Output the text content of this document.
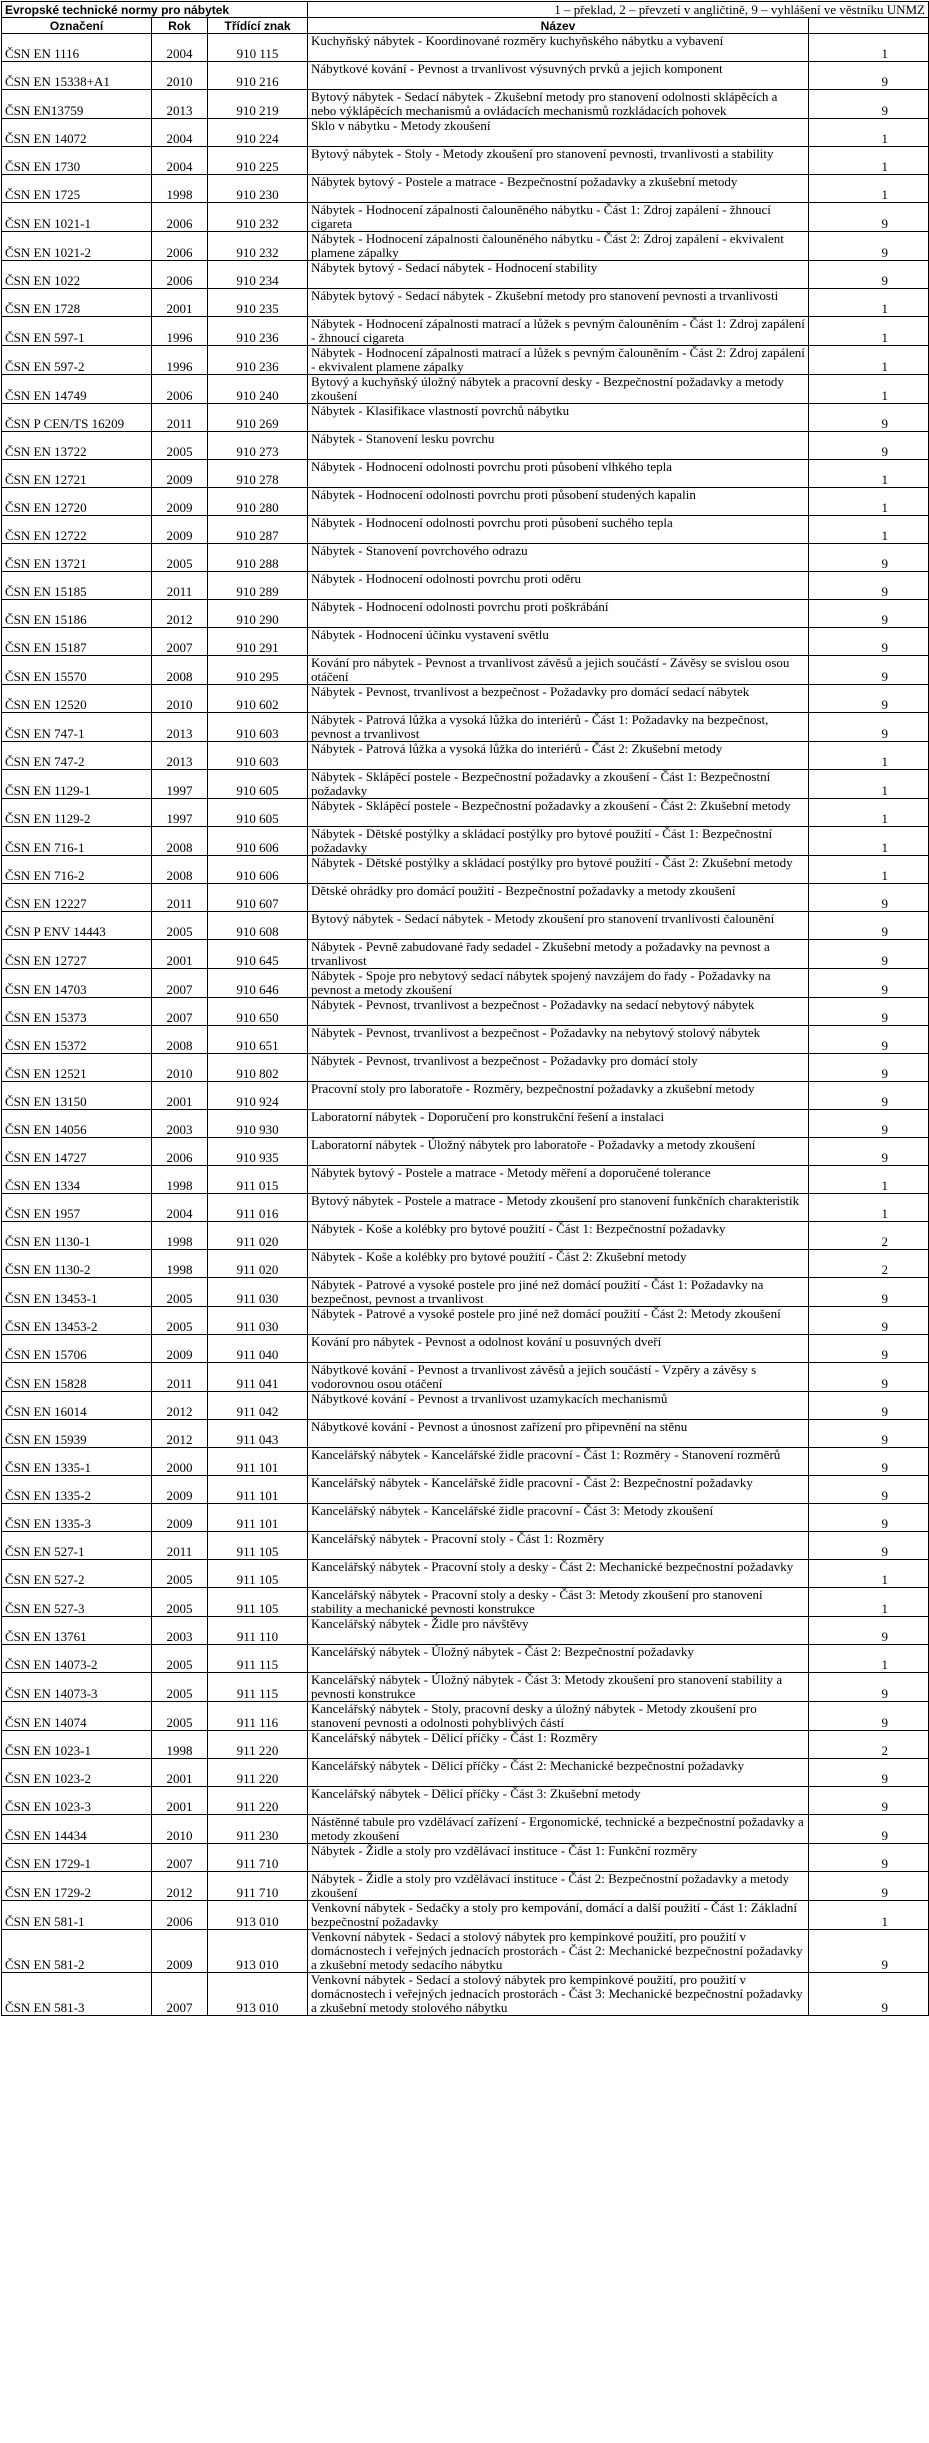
Evropské technické normy pro nábytek			1 – překlad, 2 – převzetí v angličtině, 9 – vyhlášení ve věstníku UNMZ	
Označení	Rok	Třídící znak	Název	
ČSN EN 1116	2004	910 115	Kuchyňský nábytek - Koordinované rozměry kuchyňského nábytku a vybavení	1
ČSN EN 15338+A1	2010	910 216	Nábytkové kování - Pevnost a trvanlivost výsuvných prvků a jejich komponent	9
ČSN EN13759	2013	910 219	Bytový nábytek - Sedací nábytek - Zkušební metody pro stanovení odolnosti sklápěcích a nebo výklápěcích mechanismů a ovládacích mechanismů rozkládacích pohovek	9
ČSN EN 14072	2004	910 224	Sklo v nábytku - Metody zkoušení	1
ČSN EN 1730	2004	910 225	Bytový nábytek - Stoly - Metody zkoušení pro stanovení pevnosti, trvanlivosti a stability	1
ČSN EN 1725	1998	910 230	Nábytek bytový - Postele a matrace - Bezpečnostní požadavky a zkušební metody	1
ČSN EN 1021-1	2006	910 232	Nábytek - Hodnocení zápalnosti čalouněného nábytku - Část 1: Zdroj zapálení - žhnoucí cigareta	9
ČSN EN 1021-2	2006	910 232	Nábytek - Hodnocení zápalnosti čalouněného nábytku - Část 2: Zdroj zapálení - ekvivalent plamene zápalky	9
ČSN EN 1022	2006	910 234	Nábytek bytový - Sedací nábytek - Hodnocení stability	9
ČSN EN 1728	2001	910 235	Nábytek bytový - Sedací nábytek - Zkušební metody pro stanovení pevnosti a trvanlivosti	1
ČSN EN 597-1	1996	910 236	Nábytek - Hodnocení zápalnosti matrací a lůžek s pevným čalouněním - Část 1: Zdroj zapálení - žhnoucí cigareta	1
ČSN EN 597-2	1996	910 236	Nábytek - Hodnocení zápalnosti matrací a lůžek s pevným čalouněním - Část 2: Zdroj zapálení - ekvivalent plamene zápalky	1
ČSN EN 14749	2006	910 240	Bytový a kuchyňský úložný nábytek a pracovní desky - Bezpečnostní požadavky a metody zkoušení	1
ČSN P CEN/TS 16209	2011	910 269	Nábytek - Klasifikace vlastností povrchů nábytku	9
ČSN EN 13722	2005	910 273	Nábytek - Stanovení lesku povrchu	9
ČSN EN 12721	2009	910 278	Nábytek - Hodnocení odolnosti povrchu proti působení vlhkého tepla	1
ČSN EN 12720	2009	910 280	Nábytek - Hodnocení odolnosti povrchu proti působení studených kapalin	1
ČSN EN 12722	2009	910 287	Nábytek - Hodnocení odolnosti povrchu proti působení suchého tepla	1
ČSN EN 13721	2005	910 288	Nábytek - Stanovení povrchového odrazu	9
ČSN EN 15185	2011	910 289	Nábytek - Hodnocení odolnosti povrchu proti oděru	9
ČSN EN 15186	2012	910 290	Nábytek - Hodnocení odolnosti povrchu proti poškrábání	9
ČSN EN 15187	2007	910 291	Nábytek - Hodnocení účinku vystavení světlu	9
ČSN EN 15570	2008	910 295	Kování pro nábytek - Pevnost a trvanlivost závěsů a jejich součástí - Závěsy se svislou osou otáčení	9
ČSN EN 12520	2010	910 602	Nábytek - Pevnost, trvanlivost a bezpečnost - Požadavky pro domácí sedací nábytek	9
ČSN EN 747-1	2013	910 603	Nábytek - Patrová lůžka a vysoká lůžka do interiérů - Část 1: Požadavky na bezpečnost, pevnost a trvanlivost	9
ČSN EN 747-2	2013	910 603	Nábytek - Patrová lůžka a vysoká lůžka do interiérů - Část 2: Zkušební metody	1
ČSN EN 1129-1	1997	910 605	Nábytek - Sklápěcí postele - Bezpečnostní požadavky a zkoušení - Část 1: Bezpečnostní požadavky	1
ČSN EN 1129-2	1997	910 605	Nábytek - Sklápěcí postele - Bezpečnostní požadavky a zkoušení - Část 2: Zkušební metody	1
ČSN EN 716-1	2008	910 606	Nábytek - Dětské postýlky a skládací postýlky pro bytové použití - Část 1: Bezpečnostní požadavky	1
ČSN EN 716-2	2008	910 606	Nábytek - Dětské postýlky a skládací postýlky pro bytové použití - Část 2: Zkušební metody	1
ČSN EN 12227	2011	910 607	Dětské ohrádky pro domácí použití - Bezpečnostní požadavky a metody zkoušení	9
ČSN P ENV 14443	2005	910 608	Bytový nábytek - Sedací nábytek - Metody zkoušení pro stanovení trvanlivosti čalounění	9
ČSN EN 12727	2001	910 645	Nábytek - Pevně zabudované řady sedadel - Zkušební metody a požadavky na pevnost a trvanlivost	9
ČSN EN 14703	2007	910 646	Nábytek - Spoje pro nebytový sedací nábytek spojený navzájem do řady - Požadavky na pevnost a metody zkoušení	9
ČSN EN 15373	2007	910 650	Nábytek - Pevnost, trvanlivost a bezpečnost - Požadavky na sedací nebytový nábytek	9
ČSN EN 15372	2008	910 651	Nábytek - Pevnost, trvanlivost a bezpečnost - Požadavky na nebytový stolový nábytek	9
ČSN EN 12521	2010	910 802	Nábytek - Pevnost, trvanlivost a bezpečnost - Požadavky pro domácí stoly	9
ČSN EN 13150	2001	910 924	Pracovní stoly pro laboratoře - Rozměry, bezpečnostní požadavky a zkušební metody	9
ČSN EN 14056	2003	910 930	Laboratorní nábytek - Doporučení pro konstrukční řešení a instalaci	9
ČSN EN 14727	2006	910 935	Laboratorní nábytek - Úložný nábytek pro laboratoře - Požadavky a metody zkoušení	9
ČSN EN 1334	1998	911 015	Nábytek bytový - Postele a matrace - Metody měření a doporučené tolerance	1
ČSN EN 1957	2004	911 016	Bytový nábytek - Postele a matrace - Metody zkoušení pro stanovení funkčních charakteristik	1
ČSN EN 1130-1	1998	911 020	Nábytek - Koše a kolébky pro bytové použití - Část 1: Bezpečnostní požadavky	2
ČSN EN 1130-2	1998	911 020	Nábytek - Koše a kolébky pro bytové použití - Část 2: Zkušební metody	2
ČSN EN 13453-1	2005	911 030	Nábytek - Patrové a vysoké postele pro jiné než domácí použití - Část 1: Požadavky na bezpečnost, pevnost a trvanlivost	9
ČSN EN 13453-2	2005	911 030	Nábytek - Patrové a vysoké postele pro jiné než domácí použití - Část 2: Metody zkoušení	9
ČSN EN 15706	2009	911 040	Kování pro nábytek - Pevnost a odolnost kování u posuvných dveří	9
ČSN EN 15828	2011	911 041	Nábytkové kování - Pevnost a trvanlivost závěsů a jejich součástí - Vzpěry a závěsy s vodorovnou osou otáčení	9
ČSN EN 16014	2012	911 042	Nábytkové kování - Pevnost a trvanlivost uzamykacích mechanismů	9
ČSN EN 15939	2012	911 043	Nábytkové kování - Pevnost a únosnost zařízení pro připevnění na stěnu	9
ČSN EN 1335-1	2000	911 101	Kancelářský nábytek - Kancelářské židle pracovní - Část 1: Rozměry - Stanovení rozměrů	9
ČSN EN 1335-2	2009	911 101	Kancelářský nábytek - Kancelářské židle pracovní - Část 2: Bezpečnostní požadavky	9
ČSN EN 1335-3	2009	911 101	Kancelářský nábytek - Kancelářské židle pracovní - Část 3: Metody zkoušení	9
ČSN EN 527-1	2011	911 105	Kancelářský nábytek - Pracovní stoly - Část 1: Rozměry	9
ČSN EN 527-2	2005	911 105	Kancelářský nábytek - Pracovní stoly a desky - Část 2: Mechanické bezpečnostní požadavky	1
ČSN EN 527-3	2005	911 105	Kancelářský nábytek - Pracovní stoly a desky - Část 3: Metody zkoušení pro stanovení stability a mechanické pevnosti konstrukce	1
ČSN EN 13761	2003	911 110	Kancelářský nábytek - Židle pro návštěvy	9
ČSN EN 14073-2	2005	911 115	Kancelářský nábytek - Úložný nábytek - Část 2: Bezpečnostní požadavky	1
ČSN EN 14073-3	2005	911 115	Kancelářský nábytek - Úložný nábytek - Část 3: Metody zkoušení pro stanovení stability a pevnosti konstrukce	9
ČSN EN 14074	2005	911 116	Kancelářský nábytek - Stoly, pracovní desky a úložný nábytek - Metody zkoušení pro stanovení pevnosti a odolnosti pohyblivých částí	9
ČSN EN 1023-1	1998	911 220	Kancelářský nábytek - Dělicí příčky - Část 1: Rozměry	2
ČSN EN 1023-2	2001	911 220	Kancelářský nábytek - Dělicí příčky - Část 2: Mechanické bezpečnostní požadavky	9
ČSN EN 1023-3	2001	911 220	Kancelářský nábytek - Dělicí příčky - Část 3: Zkušební metody	9
ČSN EN 14434	2010	911 230	Nástěnné tabule pro vzdělávací zařízení - Ergonomické, technické a bezpečnostní požadavky a metody zkoušení	9
ČSN EN 1729-1	2007	911 710	Nábytek - Židle a stoly pro vzdělávací instituce - Část 1: Funkční rozměry	9
ČSN EN 1729-2	2012	911 710	Nábytek - Židle a stoly pro vzdělávací instituce - Část 2: Bezpečnostní požadavky a metody zkoušení	9
ČSN EN 581-1	2006	913 010	Venkovní nábytek - Sedačky a stoly pro kempování, domácí a další použití - Část 1: Základní bezpečnostní požadavky	1
ČSN EN 581-2	2009	913 010	Venkovní nábytek - Sedací a stolový nábytek pro kempinkové použití, pro použití v domácnostech i veřejných jednacích prostorách - Část 2: Mechanické bezpečnostní požadavky a zkušební metody sedacího nábytku	9
ČSN EN 581-3	2007	913 010	Venkovní nábytek - Sedací a stolový nábytek pro kempinkové použití, pro použití v domácnostech i veřejných jednacích prostorách - Část 3: Mechanické bezpečnostní požadavky a zkušební metody stolového nábytku	9
